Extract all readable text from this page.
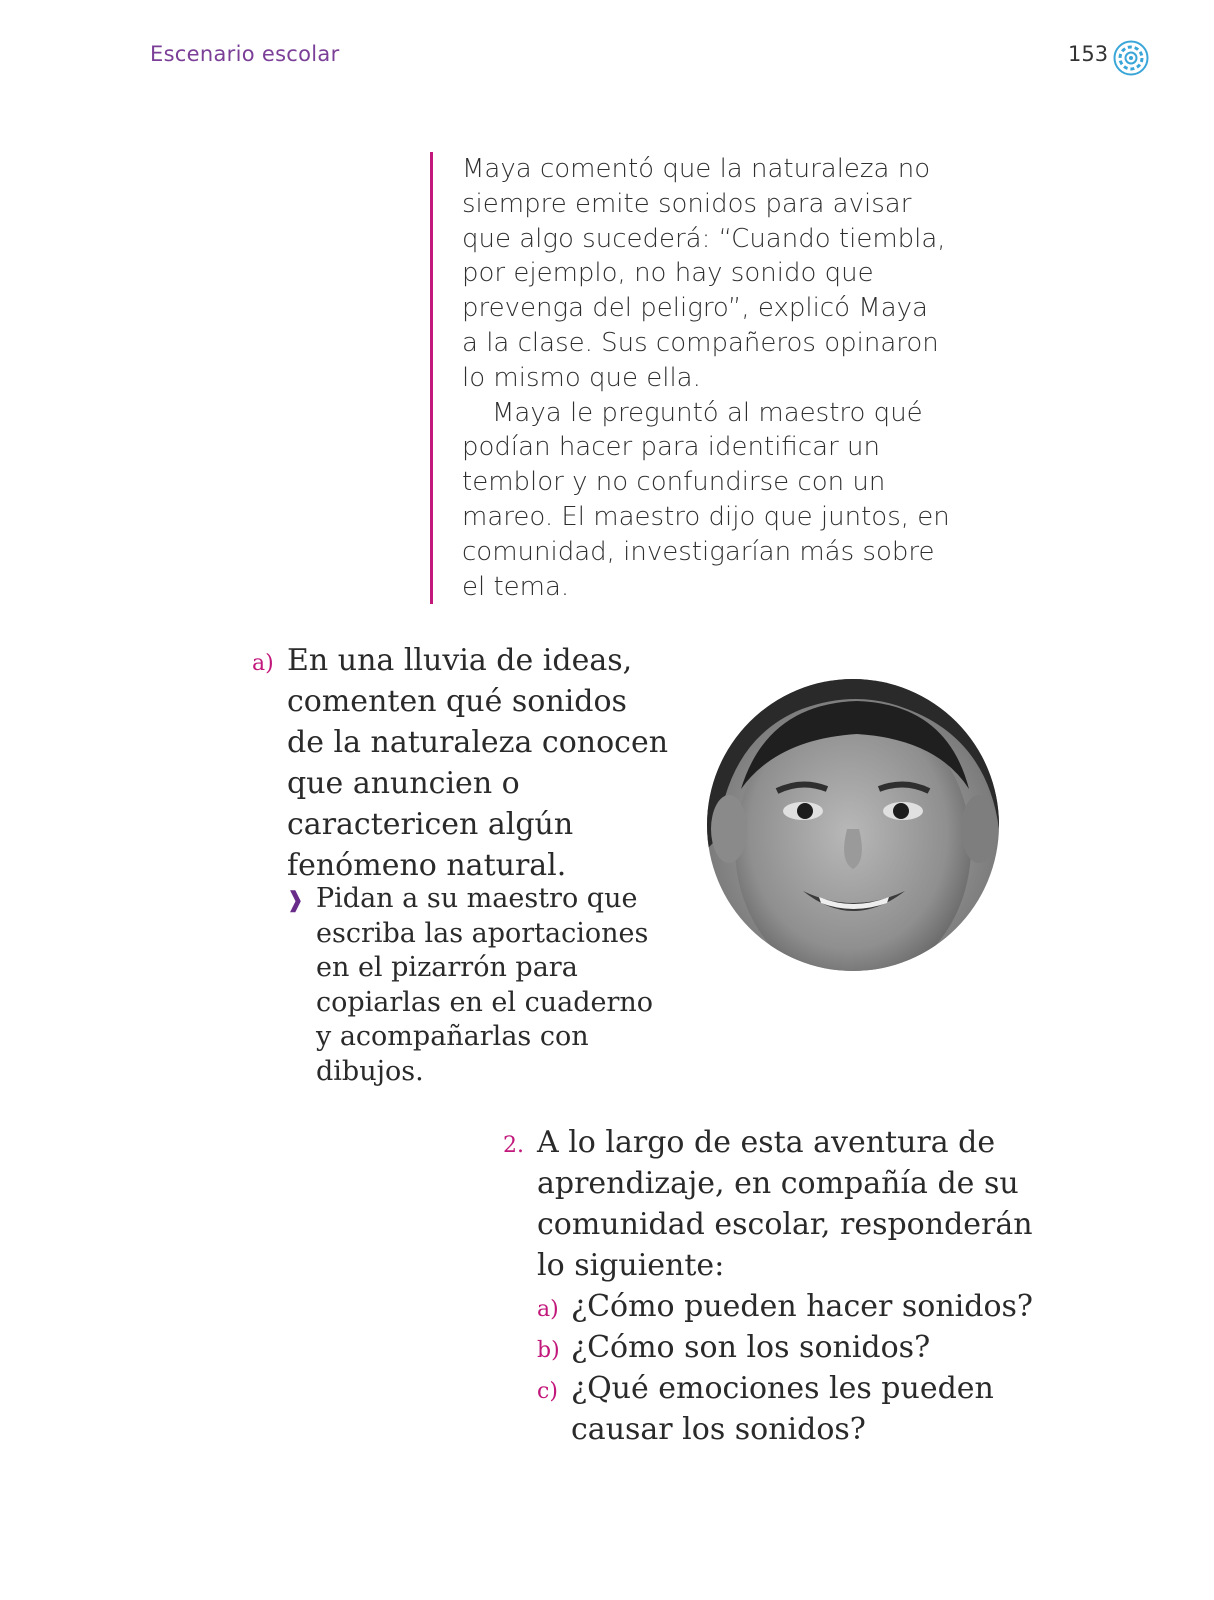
Escenario escolar	153

Maya comentó que la naturaleza no siempre emite sonidos para avisar que algo sucederá: “Cuando tiembla, por ejemplo, no hay sonido que prevenga del peligro”, explicó Maya a la clase. Sus compañeros opinaron lo mismo que ella.

Maya le preguntó al maestro qué podían hacer para identificar un temblor y no confundirse con un mareo. El maestro dijo que juntos, en comunidad, investigarían más sobre el tema.

a) En una lluvia de ideas, comenten qué sonidos de la naturaleza conocen que anuncien o caractericen algún fenómeno natural.
❱ Pidan a su maestro que escriba las aportaciones en el pizarrón para copiarlas en el cuaderno y acompañarlas con dibujos.
2. A lo largo de esta aventura de aprendizaje, en compañía de su comunidad escolar, responderán lo siguiente:
a) ¿Cómo pueden hacer sonidos?
b) ¿Cómo son los sonidos?
c) ¿Qué emociones les pueden causar los sonidos?
